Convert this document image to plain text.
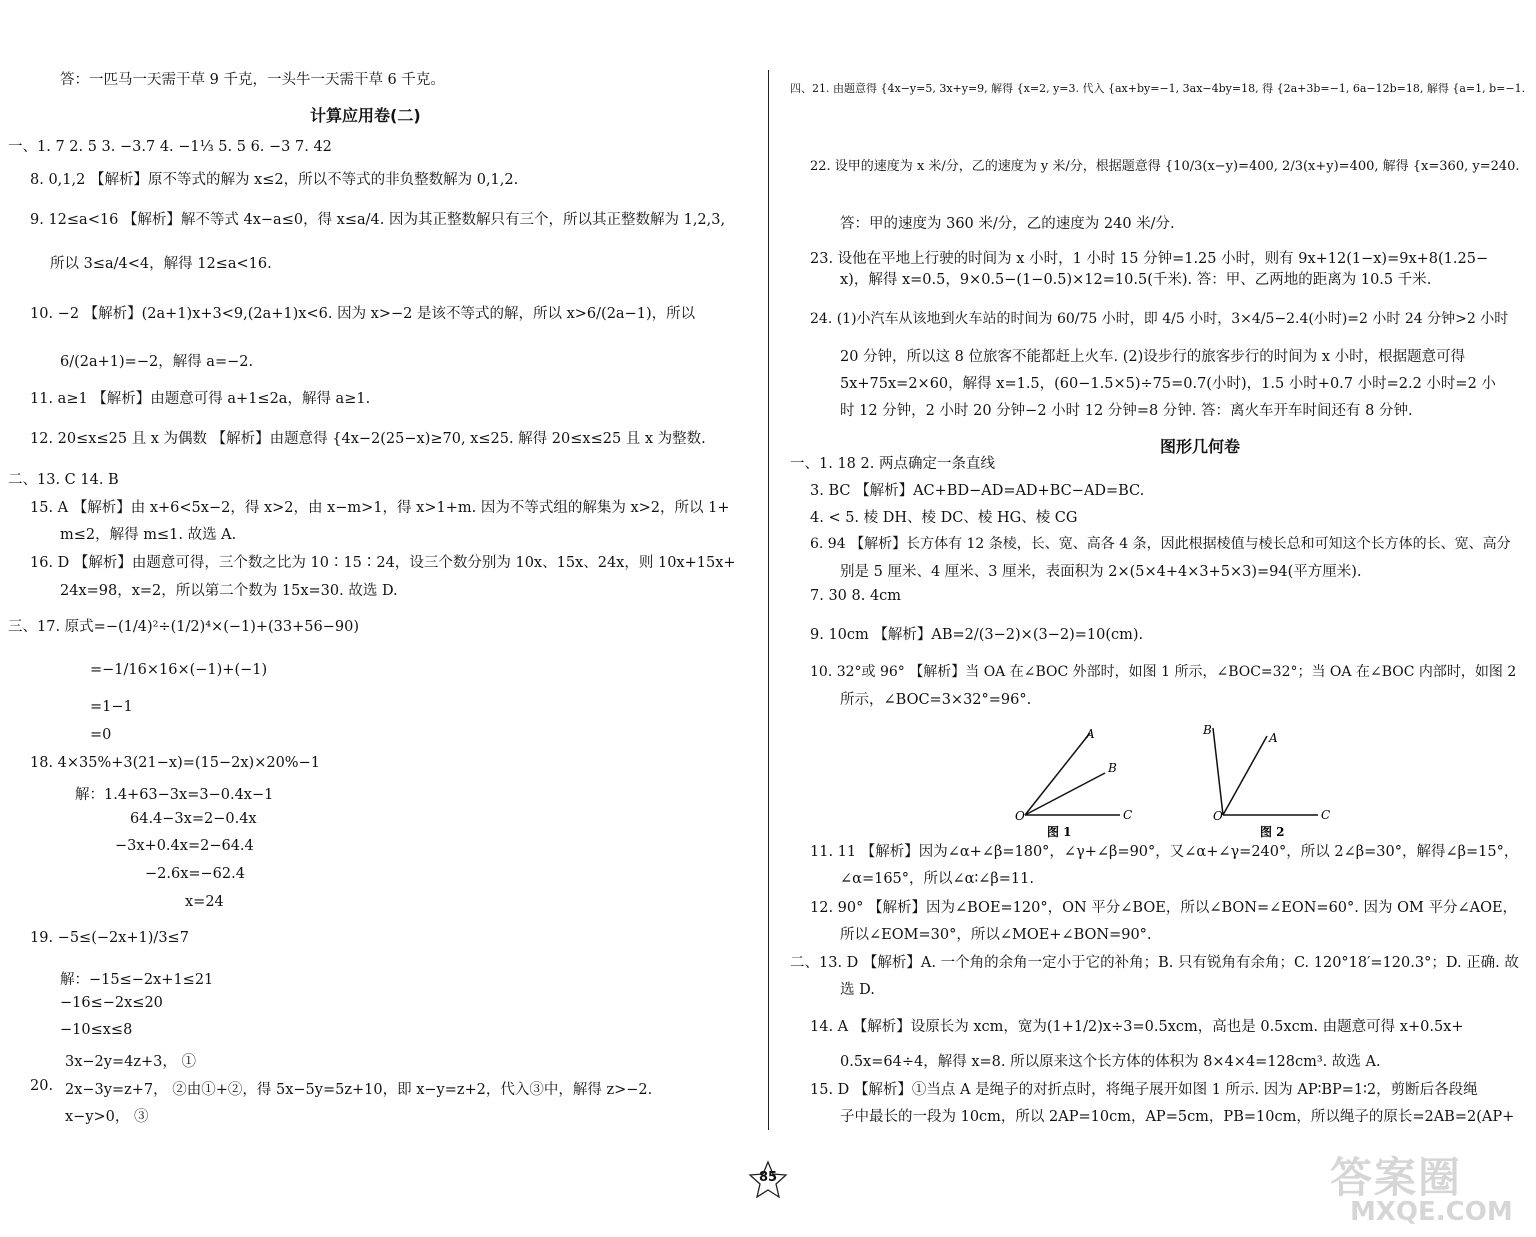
计算应用卷(二)
答：一匹马一天需干草 9 千克，一头牛一天需干草 6 千克。
一、1. 7 2. 5 3. −3.7 4. −1⅓ 5. 5 6. −3 7. 42
8. 0,1,2 【解析】原不等式的解为 x≤2，所以不等式的非负整数解为 0,1,2.
9. 12≤a<16 【解析】解不等式 4x−a≤0，得 x≤a/4. 因为其正整数解只有三个，所以其正整数解为 1,2,3,
所以 3≤a/4<4，解得 12≤a<16.
10. −2 【解析】(2a+1)x+3<9,(2a+1)x<6. 因为 x>−2 是该不等式的解，所以 x>6/(2a−1)，所以
6/(2a+1)=−2，解得 a=−2.
11. a≥1 【解析】由题意可得 a+1≤2a，解得 a≥1.
12. 20≤x≤25 且 x 为偶数 【解析】由题意得 {4x−2(25−x)≥70, x≤25. 解得 20≤x≤25 且 x 为整数.
二、13. C 14. B
15. A 【解析】由 x+6<5x−2，得 x>2，由 x−m>1，得 x>1+m. 因为不等式组的解集为 x>2，所以 1+
m≤2，解得 m≤1. 故选 A.
16. D 【解析】由题意可得，三个数之比为 10∶15∶24，设三个数分别为 10x、15x、24x，则 10x+15x+
24x=98，x=2，所以第二个数为 15x=30. 故选 D.
三、17. 原式=−(1/4)²÷(1/2)⁴×(−1)+(33+56−90)
=−1/16×16×(−1)+(−1)
=1−1
=0
18. 4×35%+3(21−x)=(15−2x)×20%−1
解：1.4+63−3x=3−0.4x−1
64.4−3x=2−0.4x
−3x+0.4x=2−64.4
−2.6x=−62.4
x=24
19. −5≤(−2x+1)/3≤7
解：−15≤−2x+1≤21
−16≤−2x≤20
−10≤x≤8
3x−2y=4z+3， ①
20. 2x−3y=z+7， ②由①+②，得 5x−5y=5z+10，即 x−y=z+2，代入③中，解得 z>−2.
x−y>0， ③
图形几何卷
A
B
O	C
图 1
B
A
O	C
图 2
四、21. 由题意得 {4x−y=5, 3x+y=9, 解得 {x=2, y=3. 代入 {ax+by=−1, 3ax−4by=18, 得 {2a+3b=−1, 6a−12b=18, 解得 {a=1, b=−1.
22. 设甲的速度为 x 米/分，乙的速度为 y 米/分，根据题意得 {10/3(x−y)=400, 2/3(x+y)=400, 解得 {x=360, y=240.
答：甲的速度为 360 米/分，乙的速度为 240 米/分.
23. 设他在平地上行驶的时间为 x 小时，1 小时 15 分钟=1.25 小时，则有 9x+12(1−x)=9x+8(1.25−
x)，解得 x=0.5，9×0.5−(1−0.5)×12=10.5(千米). 答：甲、乙两地的距离为 10.5 千米.
24. (1)小汽车从该地到火车站的时间为 60/75 小时，即 4/5 小时，3×4/5−2.4(小时)=2 小时 24 分钟>2 小时
20 分钟，所以这 8 位旅客不能都赶上火车. (2)设步行的旅客步行的时间为 x 小时，根据题意可得
5x+75x=2×60，解得 x=1.5，(60−1.5×5)÷75=0.7(小时)，1.5 小时+0.7 小时=2.2 小时=2 小
时 12 分钟，2 小时 20 分钟−2 小时 12 分钟=8 分钟. 答：离火车开车时间还有 8 分钟.
一、1. 18 2. 两点确定一条直线
3. BC 【解析】AC+BD−AD=AD+BC−AD=BC.
4. < 5. 棱 DH、棱 DC、棱 HG、棱 CG
6. 94 【解析】长方体有 12 条棱，长、宽、高各 4 条，因此根据棱值与棱长总和可知这个长方体的长、宽、高分
别是 5 厘米、4 厘米、3 厘米，表面积为 2×(5×4+4×3+5×3)=94(平方厘米).
7. 30 8. 4cm
9. 10cm 【解析】AB=2/(3−2)×(3−2)=10(cm).
10. 32°或 96° 【解析】当 OA 在∠BOC 外部时，如图 1 所示，∠BOC=32°；当 OA 在∠BOC 内部时，如图 2
所示，∠BOC=3×32°=96°.
11. 11 【解析】因为∠α+∠β=180°，∠γ+∠β=90°，又∠α+∠γ=240°，所以 2∠β=30°，解得∠β=15°，
∠α=165°，所以∠α∶∠β=11.
12. 90° 【解析】因为∠BOE=120°，ON 平分∠BOE，所以∠BON=∠EON=60°. 因为 OM 平分∠AOE，
所以∠EOM=30°，所以∠MOE+∠BON=90°.
二、13. D 【解析】A. 一个角的余角一定小于它的补角；B. 只有锐角有余角；C. 120°18′=120.3°；D. 正确. 故
选 D.
14. A 【解析】设原长为 xcm，宽为(1+1/2)x÷3=0.5xcm，高也是 0.5xcm. 由题意可得 x+0.5x+
0.5x=64÷4，解得 x=8. 所以原来这个长方体的体积为 8×4×4=128cm³. 故选 A.
15. D 【解析】①当点 A 是绳子的对折点时，将绳子展开如图 1 所示. 因为 AP∶BP=1∶2，剪断后各段绳
子中最长的一段为 10cm，所以 2AP=10cm，AP=5cm，PB=10cm，所以绳子的原长=2AB=2(AP+
85	答案圈
MXQE.COM
